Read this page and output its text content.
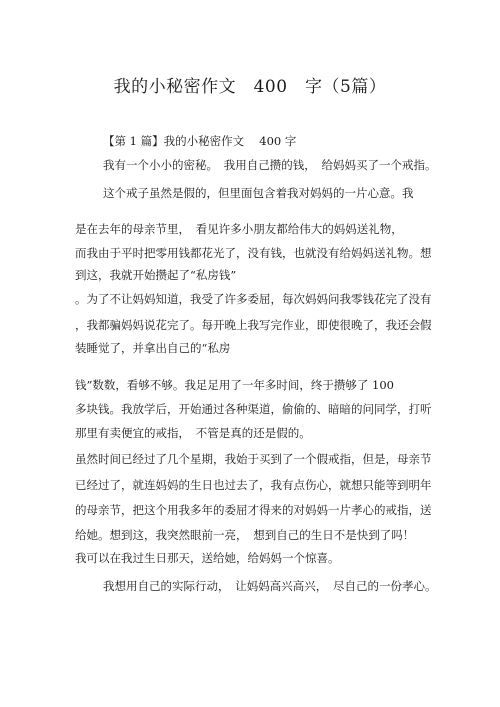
我的小秘密作文　400　字（5篇）
【第 1 篇】我的小秘密作文　 400 字
我有一个小小的密秘。　我用自己攒的钱，　给妈妈买了一个戒指。
这个戒子虽然是假的，但里面包含着我对妈妈的一片心意。我
是在去年的母亲节里，　看见许多小朋友都给伟大的妈妈送礼物，
而我由于平时把零用钱都花光了，没有钱，也就没有给妈妈送礼物。想
到这，我就开始攒起了“私房钱”
。为了不让妈妈知道，我受了许多委屈，每次妈妈问我零钱花完了没有
，我都骗妈妈说花完了。每开晚上我写完作业，即使很晚了，我还会假
装睡觉了，并拿出自己的“私房
钱”数数，看够不够。我足足用了一年多时间，终于攒够了 100
多块钱。我放学后，开始通过各种渠道，偷偷的、暗暗的问同学，打听
那里有卖便宜的戒指，　不管是真的还是假的。
虽然时间已经过了几个星期，我始于买到了一个假戒指，但是，母亲节
已经过了，就连妈妈的生日也过去了，我有点伤心，就想只能等到明年
的母亲节，把这个用我多年的委屈才得来的对妈妈一片孝心的戒指，送
给她。想到这，我突然眼前一亮，　想到自己的生日不是快到了吗！
我可以在我过生日那天，送给她，给妈妈一个惊喜。
我想用自己的实际行动，　让妈妈高兴高兴，　尽自己的一份孝心。
